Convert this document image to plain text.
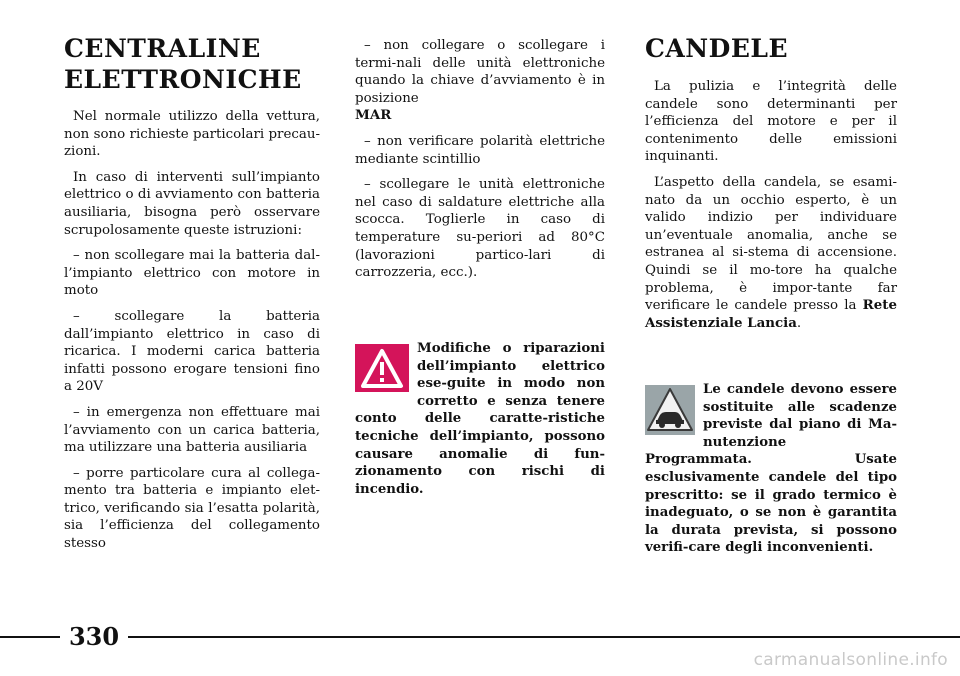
CENTRALINE
ELETTRONICHE

Nel normale utilizzo della vettura, non sono richieste particolari precau-zioni.

In caso di interventi sull’impianto elettrico o di avviamento con batteria ausiliaria, bisogna però osservare scrupolosamente queste istruzioni:

– non scollegare mai la batteria dal-l’impianto elettrico con motore in moto

– scollegare la batteria dall’impianto elettrico in caso di ricarica. I moderni carica batteria infatti possono erogare tensioni fino a 20V

– in emergenza non effettuare mai l’avviamento con un carica batteria, ma utilizzare una batteria ausiliaria

– porre particolare cura al collega-mento tra batteria e impianto elet-trico, verificando sia l’esatta polarità, sia l’efficienza del collegamento stesso

– non collegare o scollegare i termi-nali delle unità elettroniche quando la chiave d’avviamento è in posizione
MAR

– non verificare polarità elettriche mediante scintillio

– scollegare le unità elettroniche nel caso di saldature elettriche alla scocca. Toglierle in caso di temperature su-periori ad 80°C (lavorazioni partico-lari di carrozzeria, ecc.).

Modifiche o riparazioni dell’impianto elettrico ese-guite in modo non corretto e senza tenere conto delle caratte-ristiche tecniche dell’impianto, possono causare anomalie di fun-zionamento con rischi di incendio.
CANDELE

La pulizia e l’integrità delle candele sono determinanti per l’efficienza del motore e per il contenimento delle emissioni inquinanti.

L’aspetto della candela, se esami-nato da un occhio esperto, è un valido indizio per individuare un’eventuale anomalia, anche se estranea al si-stema di accensione. Quindi se il mo-tore ha qualche problema, è impor-tante far verificare le candele presso la Rete Assistenziale Lancia.

Le candele devono essere sostituite alle scadenze previste dal piano di Ma-nutenzione Programmata. Usate esclusivamente candele del tipo prescritto: se il grado termico è inadeguato, o se non è garantita la durata prevista, si possono verifi-care degli inconvenienti.
330
carmanualsonline.info
